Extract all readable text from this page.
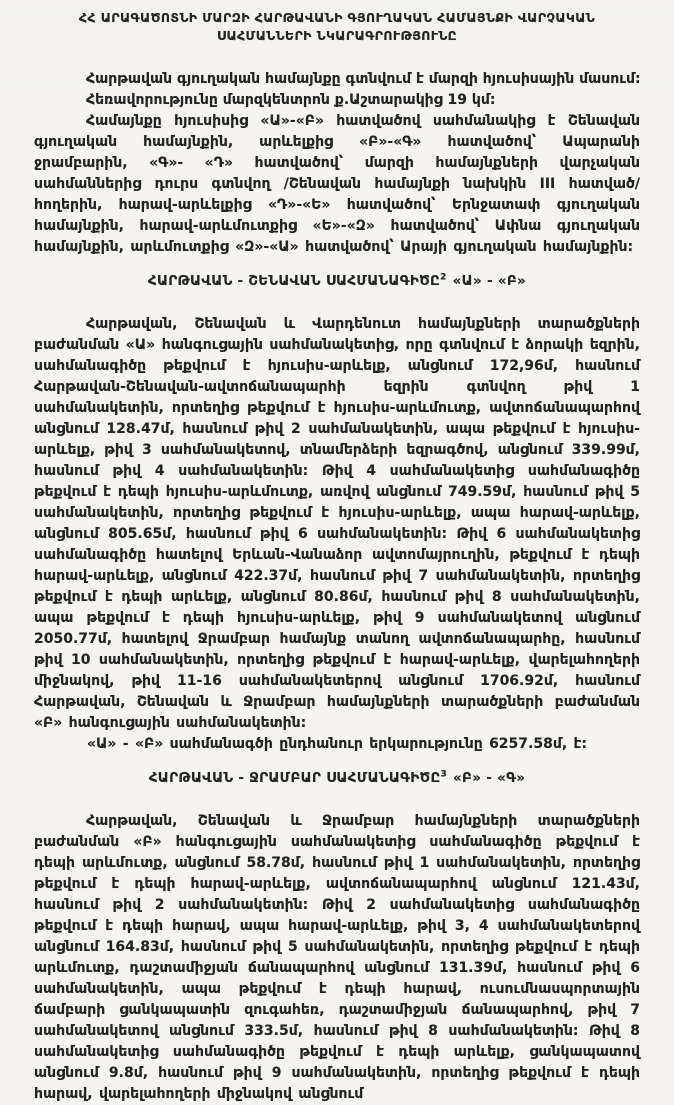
ՀՀ ԱՐԱԳԱԾՈՏՆԻ ՄԱՐԶԻ ՀԱՐԹԱՎԱՆԻ ԳՅՈՒՂԱԿԱՆ ՀԱՄԱՅՆՔԻ ՎԱՐՉԱԿԱՆ
ՍԱՀՄԱՆՆԵՐԻ ՆԿԱՐԱԳՐՈՒԹՅՈՒՆԸ

Հարթավան գյուղական համայնքը գտնվում է մարզի հյուսիսային մասում:

Հեռավորությունը մարզկենտրոն ք.Աշտարակից 19 կմ:

Համայնքը հյուսիսից «Ա»-«Բ» հատվածով սահմանակից է Շենավան գյուղական համայնքին, արևելքից «Բ»-«Գ» հատվածով՝ Ապարանի ջրամբարին, «Գ»- «Դ» հատվածով՝ մարզի համայնքների վարչական սահմաններից դուրս գտնվող /Շենավան համայնքի նախկին III հատված/ հողերին, հարավ-արևելքից «Դ»-«Ե» հատվածով՝ Երնջատափ գյուղական համայնքին, հարավ-արևմուտքից «Ե»-«Զ» հատվածով՝ Ափնա գյուղական համայնքին, արևմուտքից «Զ»-«Ա» հատվածով՝ Արայի գյուղական համայնքին:

ՀԱՐԹԱՎԱՆ - ՇԵՆԱՎԱՆ ՍԱՀՄԱՆԱԳԻԾԸ$^2$ «Ա» - «Բ»

Հարթավան, Շենավան և Վարդենուտ համայնքների տարածքների բաժանման «Ա» հանգուցային սահմանակետից, որը գտնվում է ձորակի եզրին, սահմանագիծը թեքվում է հյուսիս-արևելք, անցնում 172,96մ, հասնում Հարթավան-Շենավան-ավտոճանապարհի եզրին գտնվող թիվ 1 սահմանակետին, որտեղից թեքվում է հյուսիս-արևմուտք, ավտոճանապարհով անցնում 128.47մ, հասնում թիվ 2 սահմանակետին, ապա թեքվում է հյուսիս-արևելք, թիվ 3 սահմանակետով, տնամերձերի եզրագծով, անցնում 339.99մ, հասնում թիվ 4 սահմանակետին: Թիվ 4 սահմանակետից սահմանագիծը թեքվում է դեպի հյուսիս-արևմուտք, առվով անցնում 749.59մ, հասնում թիվ 5 սահմանակետին, որտեղից թեքվում է հյուսիս-արևելք, ապա հարավ-արևելք, անցնում 805.65մ, հասնում թիվ 6 սահմանակետին: Թիվ 6 սահմանակետից սահմանագիծը հատելով Երևան-Վանաձոր ավտոմայրուղին, թեքվում է դեպի հարավ-արևելք, անցնում 422.37մ, հասնում թիվ 7 սահմանակետին, որտեղից թեքվում է դեպի արևելք, անցնում 80.86մ, հասնում թիվ 8 սահմանակետին, ապա թեքվում է դեպի հյուսիս-արևելք, թիվ 9 սահմանակետով անցնում 2050.77մ, հատելով Ջրամբար համայնք տանող ավտոճանապարհը, հասնում թիվ 10 սահմանակետին, որտեղից թեքվում է հարավ-արևելք, վարելահողերի միջնակով, թիվ 11-16 սահմանակետերով անցնում 1706.92մ, հասնում Հարթավան, Շենավան և Ջրամբար համայնքների տարածքների բաժանման «Բ» հանգուցային սահմանակետին:

«Ա» - «Բ» սահմանագծի ընդհանուր երկարությունը 6257.58մ, է:

ՀԱՐԹԱՎԱՆ - ՋՐԱՄԲԱՐ ՍԱՀՄԱՆԱԳԻԾԸ$^3$ «Բ» - «Գ»

Հարթավան, Շենավան և Ջրամբար համայնքների տարածքների բաժանման «Բ» հանգուցային սահմանակետից սահմանագիծը թեքվում է դեպի արևմուտք, անցնում 58.78մ, հասնում թիվ 1 սահմանակետին, որտեղից թեքվում է դեպի հարավ-արևելք, ավտոճանապարհով անցնում 121.43մ, հասնում թիվ 2 սահմանակետին: Թիվ 2 սահմանակետից սահմանագիծը թեքվում է դեպի հարավ, ապա հարավ-արևելք, թիվ 3, 4 սահմանակետերով անցնում 164.83մ, հասնում թիվ 5 սահմանակետին, որտեղից թեքվում է դեպի արևմուտք, դաշտամիջյան ճանապարհով անցնում 131.39մ, հասնում թիվ 6 սահմանակետին, ապա թեքվում է դեպի հարավ, ուսումնասպորտային ճամբարի ցանկապատին զուգահեռ, դաշտամիջյան ճանապարհով, թիվ 7 սահմանակետով անցնում 333.5մ, հասնում թիվ 8 սահմանակետին: Թիվ 8 սահմանակետից սահմանագիծը թեքվում է դեպի արևելք, ցանկապատով անցնում 9.8մ, հասնում թիվ 9 սահմանակետին, որտեղից թեքվում է դեպի հարավ, վարելահողերի միջնակով անցնում
